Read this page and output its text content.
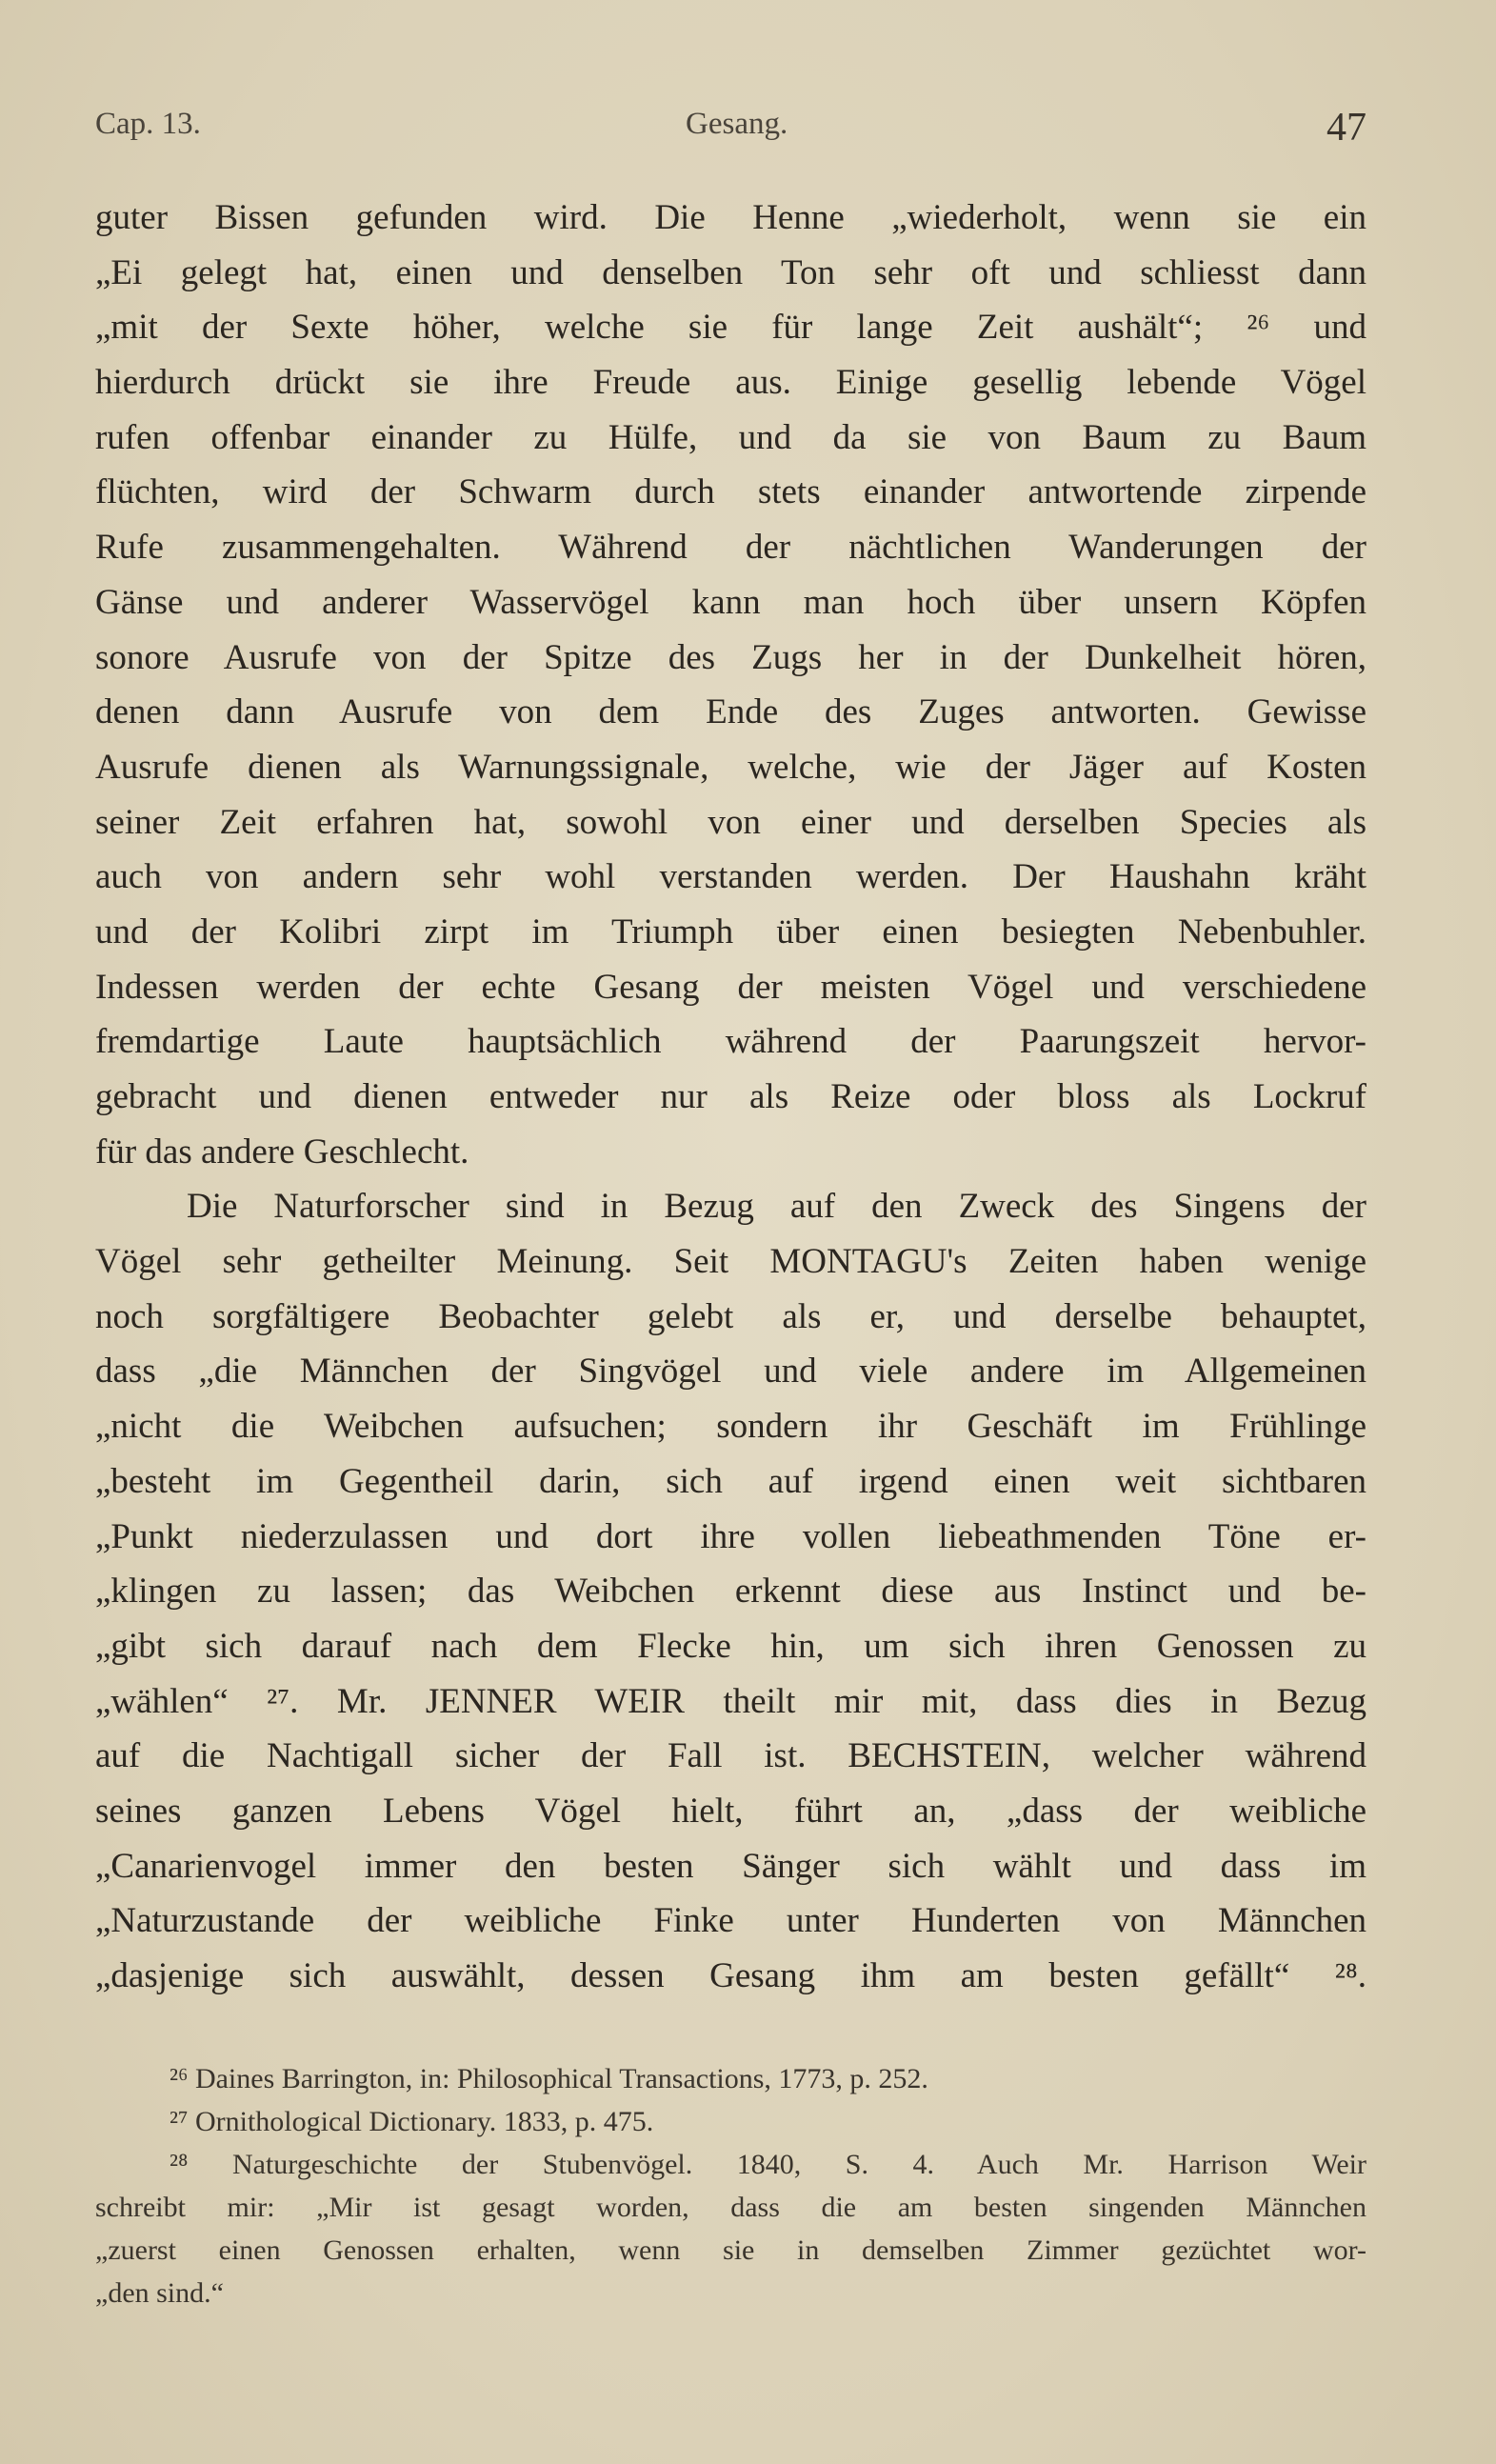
Cap. 13.	Gesang.	47
guter Bissen gefunden wird. Die Henne „wiederholt, wenn sie ein
„Ei gelegt hat, einen und denselben Ton sehr oft und schliesst dann
„mit der Sexte höher, welche sie für lange Zeit aushält“; ²⁶ und
hierdurch drückt sie ihre Freude aus. Einige gesellig lebende Vögel
rufen offenbar einander zu Hülfe, und da sie von Baum zu Baum
flüchten, wird der Schwarm durch stets einander antwortende zirpende
Rufe zusammengehalten. Während der nächtlichen Wanderungen der
Gänse und anderer Wasservögel kann man hoch über unsern Köpfen
sonore Ausrufe von der Spitze des Zugs her in der Dunkelheit hören,
denen dann Ausrufe von dem Ende des Zuges antworten. Gewisse
Ausrufe dienen als Warnungssignale, welche, wie der Jäger auf Kosten
seiner Zeit erfahren hat, sowohl von einer und derselben Species als
auch von andern sehr wohl verstanden werden. Der Haushahn kräht
und der Kolibri zirpt im Triumph über einen besiegten Nebenbuhler.
Indessen werden der echte Gesang der meisten Vögel und verschiedene
fremdartige Laute hauptsächlich während der Paarungszeit hervor-
gebracht und dienen entweder nur als Reize oder bloss als Lockruf
für das andere Geschlecht.
Die Naturforscher sind in Bezug auf den Zweck des Singens der
Vögel sehr getheilter Meinung. Seit MONTAGU's Zeiten haben wenige
noch sorgfältigere Beobachter gelebt als er, und derselbe behauptet,
dass „die Männchen der Singvögel und viele andere im Allgemeinen
„nicht die Weibchen aufsuchen; sondern ihr Geschäft im Frühlinge
„besteht im Gegentheil darin, sich auf irgend einen weit sichtbaren
„Punkt niederzulassen und dort ihre vollen liebeathmenden Töne er-
„klingen zu lassen; das Weibchen erkennt diese aus Instinct und be-
„gibt sich darauf nach dem Flecke hin, um sich ihren Genossen zu
„wählen“ ²⁷. Mr. JENNER WEIR theilt mir mit, dass dies in Bezug
auf die Nachtigall sicher der Fall ist. BECHSTEIN, welcher während
seines ganzen Lebens Vögel hielt, führt an, „dass der weibliche
„Canarienvogel immer den besten Sänger sich wählt und dass im
„Naturzustande der weibliche Finke unter Hunderten von Männchen
„dasjenige sich auswählt, dessen Gesang ihm am besten gefällt“ ²⁸.
²⁶ Daines Barrington, in: Philosophical Transactions, 1773, p. 252.
²⁷ Ornithological Dictionary. 1833, p. 475.
²⁸ Naturgeschichte der Stubenvögel. 1840, S. 4. Auch Mr. Harrison Weir
schreibt mir: „Mir ist gesagt worden, dass die am besten singenden Männchen
„zuerst einen Genossen erhalten, wenn sie in demselben Zimmer gezüchtet wor-
„den sind.“
